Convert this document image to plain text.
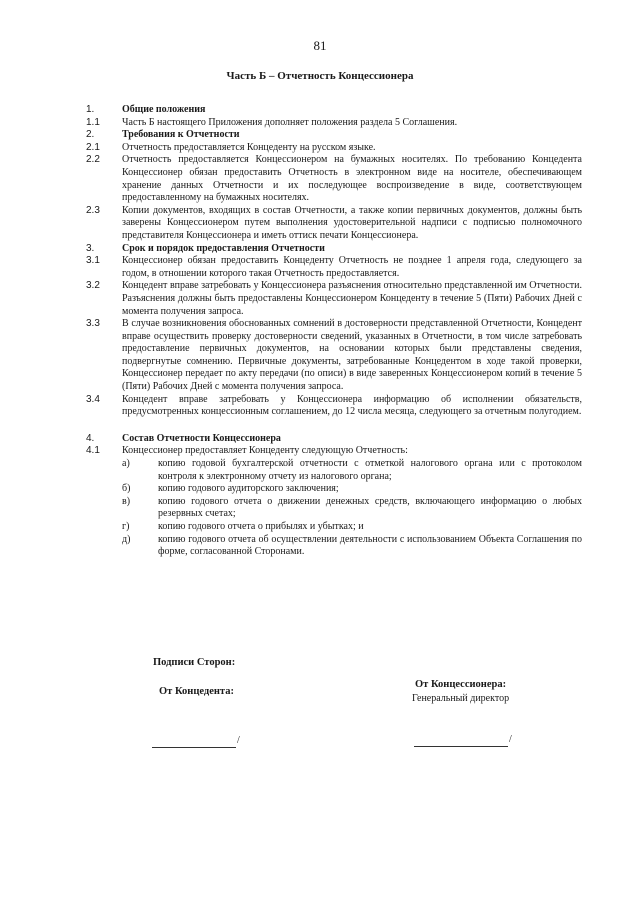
81
Часть Б – Отчетность Концессионера
1.	Общие положения
1.1	Часть Б настоящего Приложения дополняет положения раздела 5 Соглашения.
2.	Требования к Отчетности
2.1	Отчетность предоставляется Концеденту на русском языке.
2.2	Отчетность предоставляется Концессионером на бумажных носителях. По требованию Концедента Концессионер обязан предоставить Отчетность в электронном виде на носителе, обеспечивающем хранение данных Отчетности и их последующее воспроизведение в виде, соответствующем предоставленному на бумажных носителях.
2.3	Копии документов, входящих в состав Отчетности, а также копии первичных документов, должны быть заверены Концессионером путем выполнения удостоверительной надписи с подписью полномочного представителя Концессионера и иметь оттиск печати Концессионера.
3.	Срок и порядок предоставления Отчетности
3.1	Концессионер обязан предоставить Концеденту Отчетность не позднее 1 апреля года, следующего за годом, в отношении которого такая Отчетность предоставляется.
3.2	Концедент вправе затребовать у Концессионера разъяснения относительно представленной им Отчетности. Разъяснения должны быть предоставлены Концессионером Концеденту в течение 5 (Пяти) Рабочих Дней с момента получения запроса.
3.3	В случае возникновения обоснованных сомнений в достоверности представленной Отчетности, Концедент вправе осуществить проверку достоверности сведений, указанных в Отчетности, в том числе затребовать предоставление первичных документов, на основании которых были представлены сведения, подвергнутые сомнению. Первичные документы, затребованные Концедентом в ходе такой проверки, Концессионер передает по акту передачи (по описи) в виде заверенных Концессионером копий в течение 5 (Пяти) Рабочих Дней с момента получения запроса.
3.4	Концедент вправе затребовать у Концессионера информацию об исполнении обязательств, предусмотренных концессионным соглашением, до 12 числа месяца, следующего за отчетным полугодием.
4.	Состав Отчетности Концессионера
4.1	Концессионер предоставляет Концеденту следующую Отчетность:
а)	копию годовой бухгалтерской отчетности с отметкой налогового органа или с протоколом контроля к электронному отчету из налогового органа;
б)	копию годового аудиторского заключения;
в)	копию годового отчета о движении денежных средств, включающего информацию о любых резервных счетах;
г)	копию годового отчета о прибылях и убытках; и
д)	копию годового отчета об осуществлении деятельности с использованием Объекта Соглашения по форме, согласованной Сторонами.
Подписи Сторон:
От Концедента:
От Концессионера:
Генеральный директор
/	/
